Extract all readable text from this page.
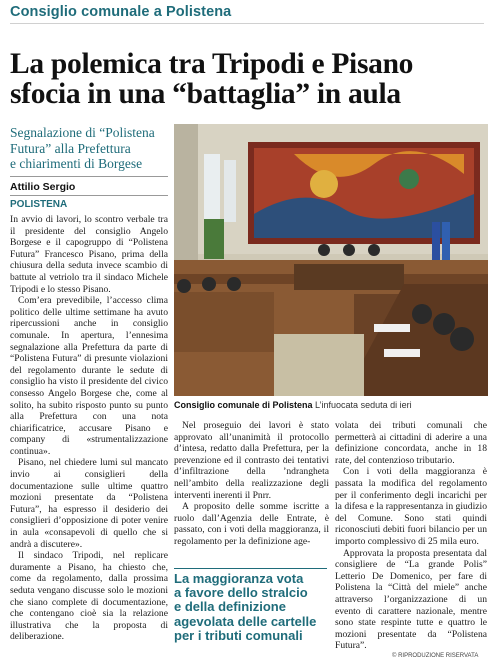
Consiglio comunale a Polistena
La polemica tra Tripodi e Pisano
sfocia in una “battaglia” in aula
Segnalazione di “Polistena
Futura” alla Prefettura
e chiarimenti di Borgese
Attilio Sergio
POLISTENA

In avvio di lavori, lo scontro verbale tra il presidente del consiglio Angelo Borgese e il capogruppo di “Polistena Futura” Francesco Pisano, prima della chiusura della seduta invece scambio di battute al vetriolo tra il sindaco Michele Tripodi e lo stesso Pisano.

Com’era prevedibile, l’accesso clima politico delle ultime settimane ha avuto ripercussioni anche in consiglio comunale. In apertura, l’ennesima segnalazione alla Prefettura da parte di “Polistena Futura” di presunte violazioni del regolamento durante le sedute di consiglio ha visto il presidente del civico consesso Angelo Borgese che, come al solito, ha subito risposto punto su punto alla Prefettura con una nota chiarificatrice, accusare Pisano e company di «strumentalizzazione continua».

Pisano, nel chiedere lumi sul mancato invio ai consiglieri della documentazione sulle ultime quattro mozioni presentate da “Polistena Futura”, ha espresso il desiderio dei consiglieri d’opposizione di poter venire in aula «consapevoli di quello che si andrà a discutere».

Il sindaco Tripodi, nel replicare duramente a Pisano, ha chiesto che, come da regolamento, dalla prossima seduta vengano discusse solo le mozioni che siano complete di documentazione, che contengano cioè sia la relazione illustrativa che la proposta di deliberazione.

Consiglio comunale di Polistena L’infuocata seduta di ieri

Nel proseguio dei lavori è stato approvato all’unanimità il protocollo d’intesa, redatto dalla Prefettura, per la prevenzione ed il contrasto dei tentativi d’infiltrazione della ’ndrangheta nell’ambito della realizzazione degli interventi inerenti il Pnrr.

A proposito delle somme iscritte a ruolo dall’Agenzia delle Entrate, è passato, con i voti della maggioranza, il regolamento per la definizione age-

volata dei tributi comunali che permetterà ai cittadini di aderire a una definizione concordata, anche in 18 rate, del contenzioso tributario.

Con i voti della maggioranza è passata la modifica del regolamento per il conferimento degli incarichi per la difesa e la rappresentanza in giudizio del Comune. Sono stati quindi riconosciuti debiti fuori bilancio per un importo complessivo di 25 mila euro.

Approvata la proposta presentata dal consigliere de “La grande Polis” Letterio De Domenico, per fare di Polistena la “Città del miele” anche attraverso l’organizzazione di un evento di carattere nazionale, mentre sono state respinte tutte e quattro le mozioni presentate da “Polistena Futura”.

La maggioranza vota
a favore dello stralcio
e della definizione
agevolata delle cartelle
per i tributi comunali
© RIPRODUZIONE RISERVATA
